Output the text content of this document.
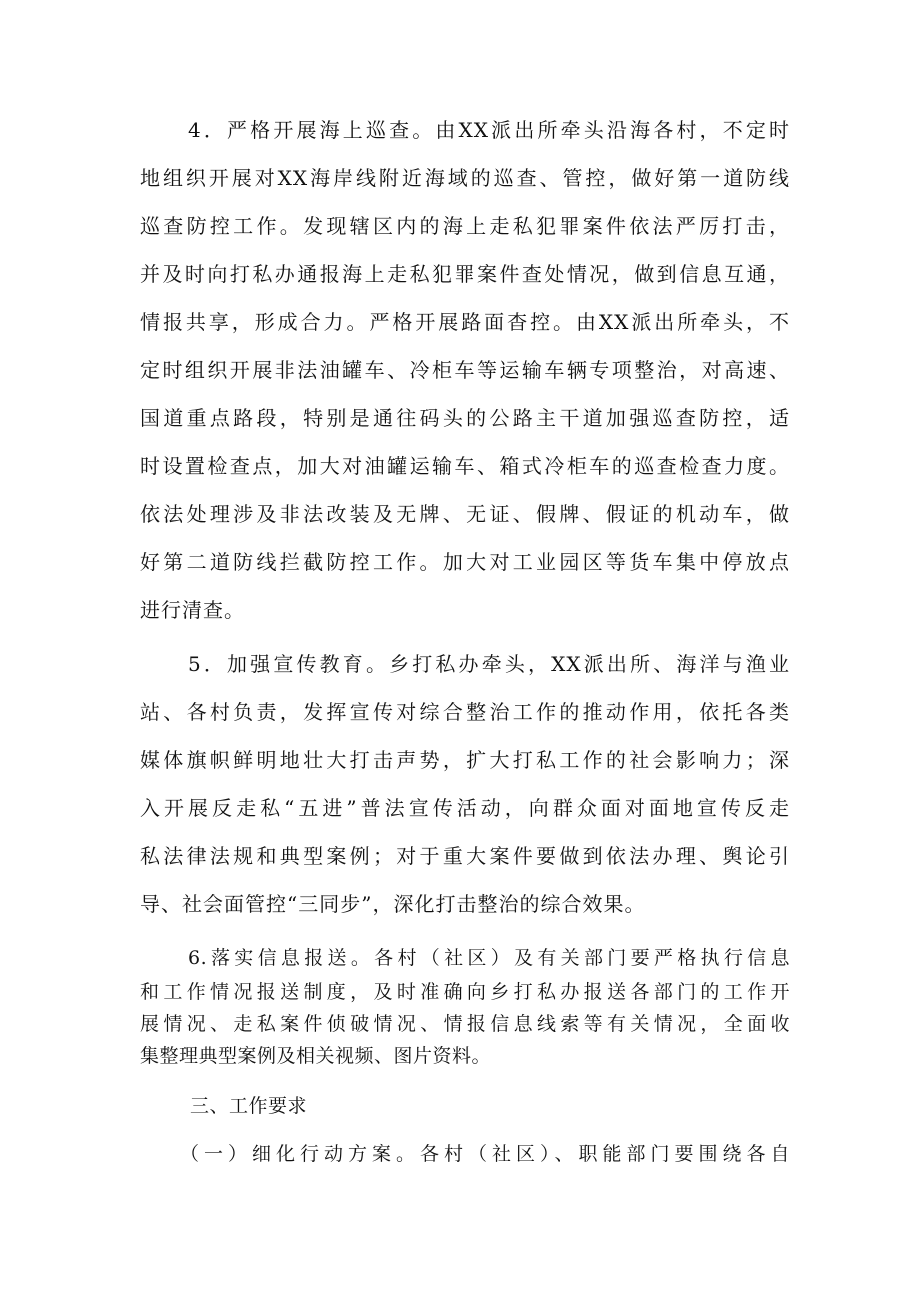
4．严格开展海上巡查。由XX派出所牵头沿海各村，不定时
地组织开展对XX海岸线附近海域的巡查、管控，做好第一道防线
巡查防控工作。发现辖区内的海上走私犯罪案件依法严厉打击，
并及时向打私办通报海上走私犯罪案件查处情况，做到信息互通，
情报共享，形成合力。严格开展路面杳控。由XX派出所牵头，不
定时组织开展非法油罐车、冷柜车等运输车辆专项整治，对高速、
国道重点路段，特别是通往码头的公路主干道加强巡查防控，适
时设置检查点，加大对油罐运输车、箱式冷柜车的巡查检查力度。
依法处理涉及非法改装及无牌、无证、假牌、假证的机动车，做
好第二道防线拦截防控工作。加大对工业园区等货车集中停放点
进行清查。
5．加强宣传教育。乡打私办牵头，XX派出所、海洋与渔业
站、各村负责，发挥宣传对综合整治工作的推动作用，依托各类
媒体旗帜鲜明地壮大打击声势，扩大打私工作的社会影响力；深
入开展反走私“五进”普法宣传活动，向群众面对面地宣传反走
私法律法规和典型案例；对于重大案件要做到依法办理、舆论引
导、社会面管控“三同步”，深化打击整治的综合效果。
6.落实信息报送。各村（社区）及有关部门要严格执行信息
和工作情况报送制度，及时准确向乡打私办报送各部门的工作开
展情况、走私案件侦破情况、情报信息线索等有关情况，全面收
集整理典型案例及相关视频、图片资料。
三、工作要求
（一）细化行动方案。各村（社区）、职能部门要围绕各自
